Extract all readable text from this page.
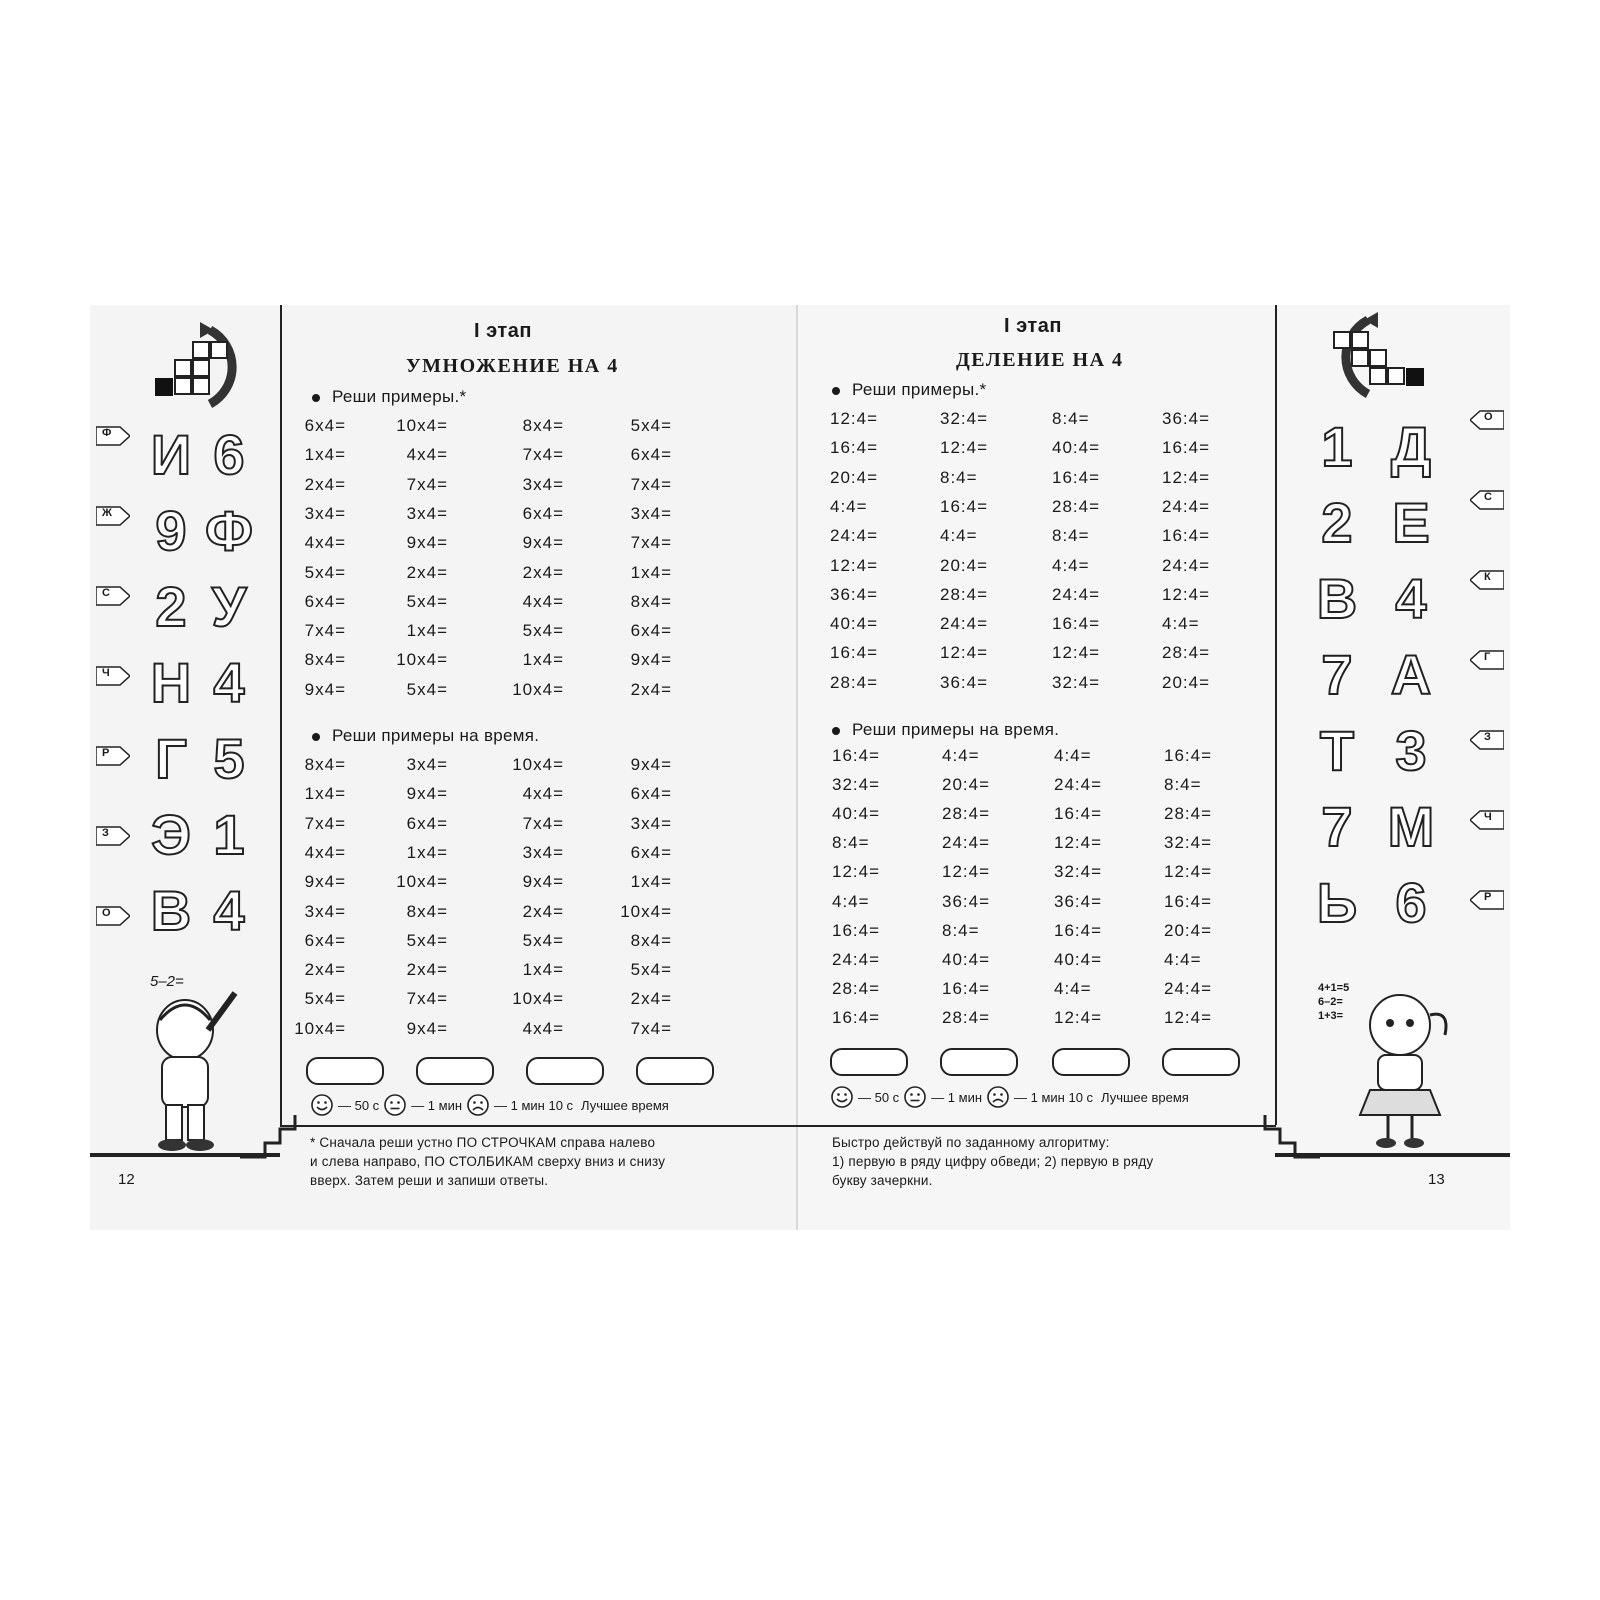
И 6
9 Ф
2 У
Н 4
Г 5
Э 1
В 4
Ф
Ж
С
Ч
Р
З
О
1 Д
2 Е
В 4
7 А
Т 3
7 М
Ь 6
О
С
К
Г
З
Ч
Р
5–2=	4+1=5
6–2=
1+3=
I этап
УМНОЖЕНИЕ НА 4
Реши примеры.*
6x4=	10x4=	8x4=	5x4=
1x4=	4x4=	7x4=	6x4=
2x4=	7x4=	3x4=	7x4=
3x4=	3x4=	6x4=	3x4=
4x4=	9x4=	9x4=	7x4=
5x4=	2x4=	2x4=	1x4=
6x4=	5x4=	4x4=	8x4=
7x4=	1x4=	5x4=	6x4=
8x4=	10x4=	1x4=	9x4=
9x4=	5x4=	10x4=	2x4=
Реши примеры на время.
8x4=	3x4=	10x4=	9x4=
1x4=	9x4=	4x4=	6x4=
7x4=	6x4=	7x4=	3x4=
4x4=	1x4=	3x4=	6x4=
9x4=	10x4=	9x4=	1x4=
3x4=	8x4=	2x4=	10x4=
6x4=	5x4=	5x4=	8x4=
2x4=	2x4=	1x4=	5x4=
5x4=	7x4=	10x4=	2x4=
10x4=	9x4=	4x4=	7x4=
— 50 с — 1 мин — 1 мин 10 с Лучшее время
* Сначала реши устно ПО СТРОЧКАМ справа налево
и слева направо, ПО СТОЛБИКАМ сверху вниз и снизу
вверх. Затем реши и запиши ответы.
12
I этап
ДЕЛЕНИЕ НА 4
Реши примеры.*
12:4=	32:4=	8:4=	36:4=
16:4=	12:4=	40:4=	16:4=
20:4=	8:4=	16:4=	12:4=
4:4=	16:4=	28:4=	24:4=
24:4=	4:4=	8:4=	16:4=
12:4=	20:4=	4:4=	24:4=
36:4=	28:4=	24:4=	12:4=
40:4=	24:4=	16:4=	4:4=
16:4=	12:4=	12:4=	28:4=
28:4=	36:4=	32:4=	20:4=
Реши примеры на время.
16:4=	4:4=	4:4=	16:4=
32:4=	20:4=	24:4=	8:4=
40:4=	28:4=	16:4=	28:4=
8:4=	24:4=	12:4=	32:4=
12:4=	12:4=	32:4=	12:4=
4:4=	36:4=	36:4=	16:4=
16:4=	8:4=	16:4=	20:4=
24:4=	40:4=	40:4=	4:4=
28:4=	16:4=	4:4=	24:4=
16:4=	28:4=	12:4=	12:4=
— 50 с — 1 мин — 1 мин 10 с Лучшее время
Быстро действуй по заданному алгоритму:
1) первую в ряду цифру обведи; 2) первую в ряду
букву зачеркни.	13
